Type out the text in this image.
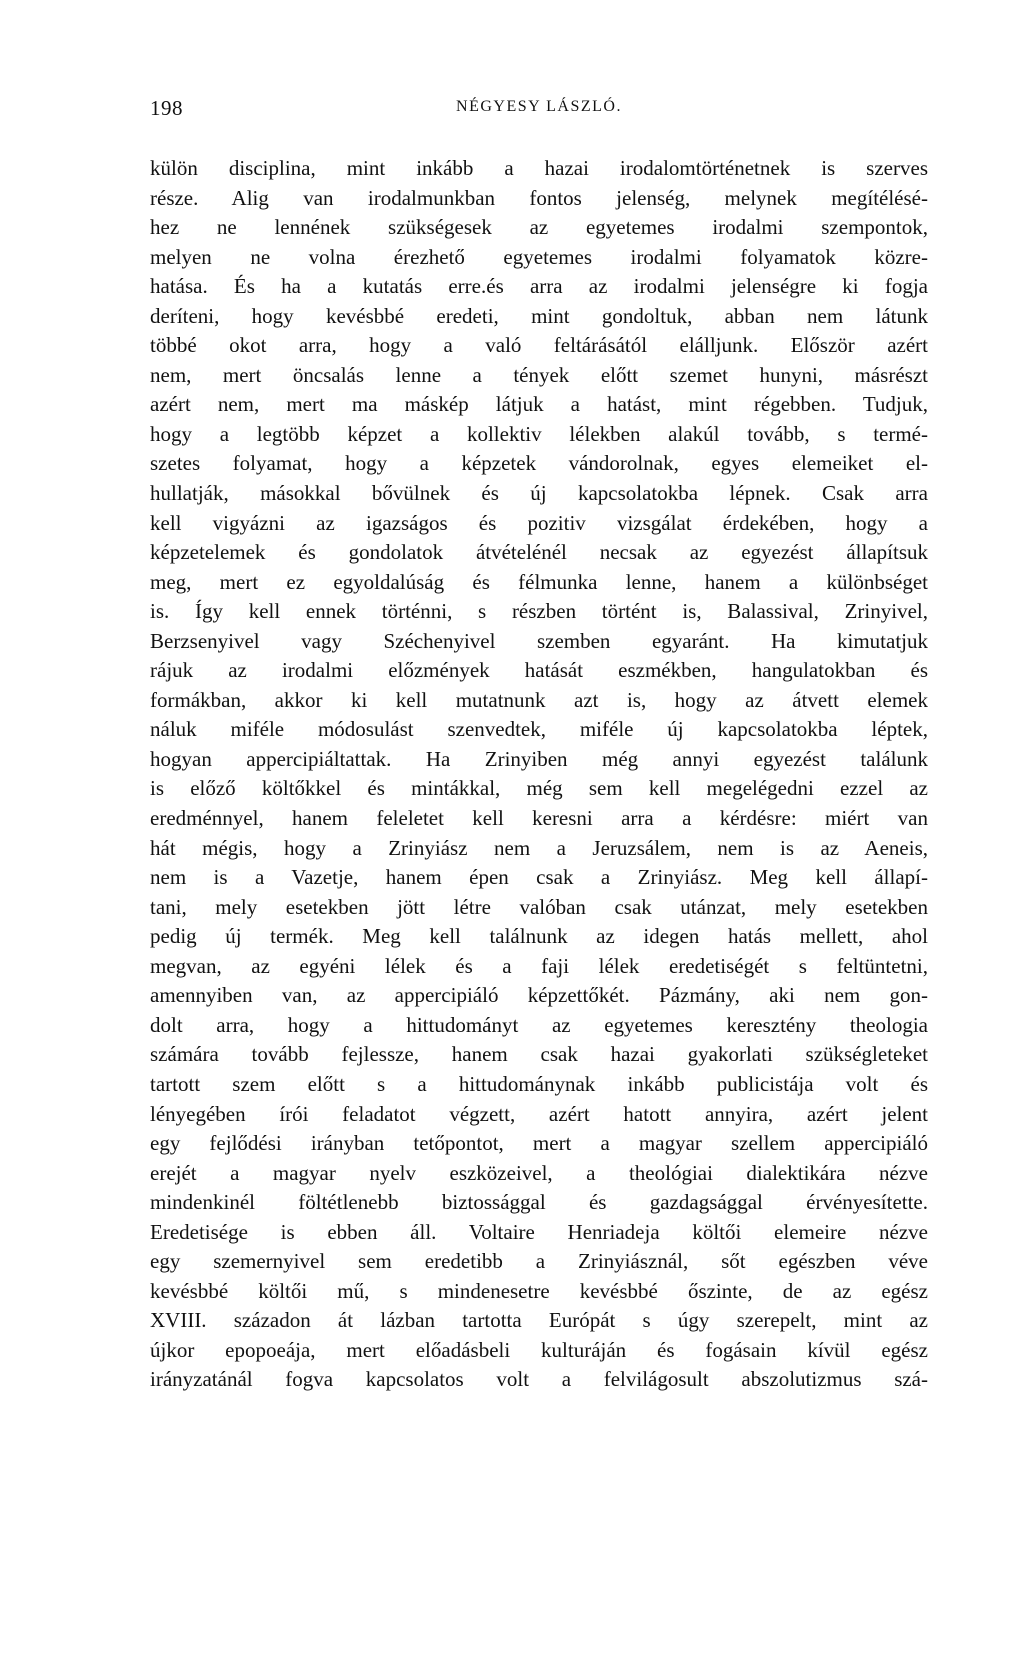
198	NÉGYESY LÁSZLÓ.
külön disciplina, mint inkább a hazai irodalomtörténetnek is szerves
része. Alig van irodalmunkban fontos jelenség, melynek megítélésé-
hez ne lennének szükségesek az egyetemes irodalmi szempontok,
melyen ne volna érezhető egyetemes irodalmi folyamatok közre-
hatása. És ha a kutatás erre.és arra az irodalmi jelenségre ki fogja
deríteni, hogy kevésbbé eredeti, mint gondoltuk, abban nem látunk
többé okot arra, hogy a való feltárásától elálljunk. Először azért
nem, mert öncsalás lenne a tények előtt szemet hunyni, másrészt
azért nem, mert ma máskép látjuk a hatást, mint régebben. Tudjuk,
hogy a legtöbb képzet a kollektiv lélekben alakúl tovább, s termé-
szetes folyamat, hogy a képzetek vándorolnak, egyes elemeiket el-
hullatják, másokkal bővülnek és új kapcsolatokba lépnek. Csak arra
kell vigyázni az igazságos és pozitiv vizsgálat érdekében, hogy a
képzetelemek és gondolatok átvételénél necsak az egyezést állapítsuk
meg, mert ez egyoldalúság és félmunka lenne, hanem a különbséget
is. Így kell ennek történni, s részben történt is, Balassival, Zrinyivel,
Berzsenyivel vagy Széchenyivel szemben egyaránt. Ha kimutatjuk
rájuk az irodalmi előzmények hatását eszmékben, hangulatokban és
formákban, akkor ki kell mutatnunk azt is, hogy az átvett elemek
náluk miféle módosulást szenvedtek, miféle új kapcsolatokba léptek,
hogyan appercipiáltattak. Ha Zrinyiben még annyi egyezést találunk
is előző költőkkel és mintákkal, még sem kell megelégedni ezzel az
eredménnyel, hanem feleletet kell keresni arra a kérdésre: miért van
hát mégis, hogy a Zrinyiász nem a Jeruzsálem, nem is az Aeneis,
nem is a Vazetje, hanem épen csak a Zrinyiász. Meg kell állapí-
tani, mely esetekben jött létre valóban csak utánzat, mely esetekben
pedig új termék. Meg kell találnunk az idegen hatás mellett, ahol
megvan, az egyéni lélek és a faji lélek eredetiségét s feltüntetni,
amennyiben van, az appercipiáló képzettőkét. Pázmány, aki nem gon-
dolt arra, hogy a hittudományt az egyetemes keresztény theologia
számára tovább fejlessze, hanem csak hazai gyakorlati szükségleteket
tartott szem előtt s a hittudománynak inkább publicistája volt és
lényegében írói feladatot végzett, azért hatott annyira, azért jelent
egy fejlődési irányban tetőpontot, mert a magyar szellem appercipiáló
erejét a magyar nyelv eszközeivel, a theológiai dialektikára nézve
mindenkinél föltétlenebb biztossággal és gazdagsággal érvényesítette.
Eredetisége is ebben áll. Voltaire Henriadeja költői elemeire nézve
egy szemernyivel sem eredetibb a Zrinyiásznál, sőt egészben véve
kevésbbé költői mű, s mindenesetre kevésbbé őszinte, de az egész
XVIII. századon át lázban tartotta Európát s úgy szerepelt, mint az
újkor epopoeája, mert előadásbeli kulturáján és fogásain kívül egész
irányzatánál fogva kapcsolatos volt a felvilágosult abszolutizmus szá-
